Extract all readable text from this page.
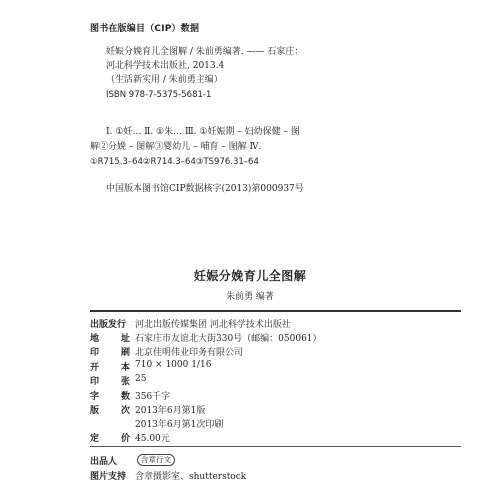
图书在版编目（CIP）数据
妊娠分娩育儿全图解 / 朱前勇编著. —— 石家庄：
河北科学技术出版社, 2013.4
（生活新实用 / 朱前勇主编）
ISBN 978-7-5375-5681-1
Ⅰ. ①妊… Ⅱ. ①朱… Ⅲ. ①妊娠期 – 妇幼保健 – 图
解②分娩 – 图解③婴幼儿 – 哺育 – 图解 Ⅳ.
①R715.3–64②R714.3–64③TS976.31–64
中国版本图书馆CIP数据核字(2013)第000937号
妊娠分娩育儿全图解
朱前勇 编著
出版发行 河北出版传媒集团 河北科学技术出版社
地 址 石家庄市友谊北大街330号（邮编：050061）
印 刷 北京佳明伟业印务有限公司
开 本 710 × 1000 1/16
印 张 25
字 数 356千字
版 次 2013年6月第1版
2013年6月第1次印刷
定 价 45.00元
出品人	含章行文
图片支持 含章摄影室、shutterstock
